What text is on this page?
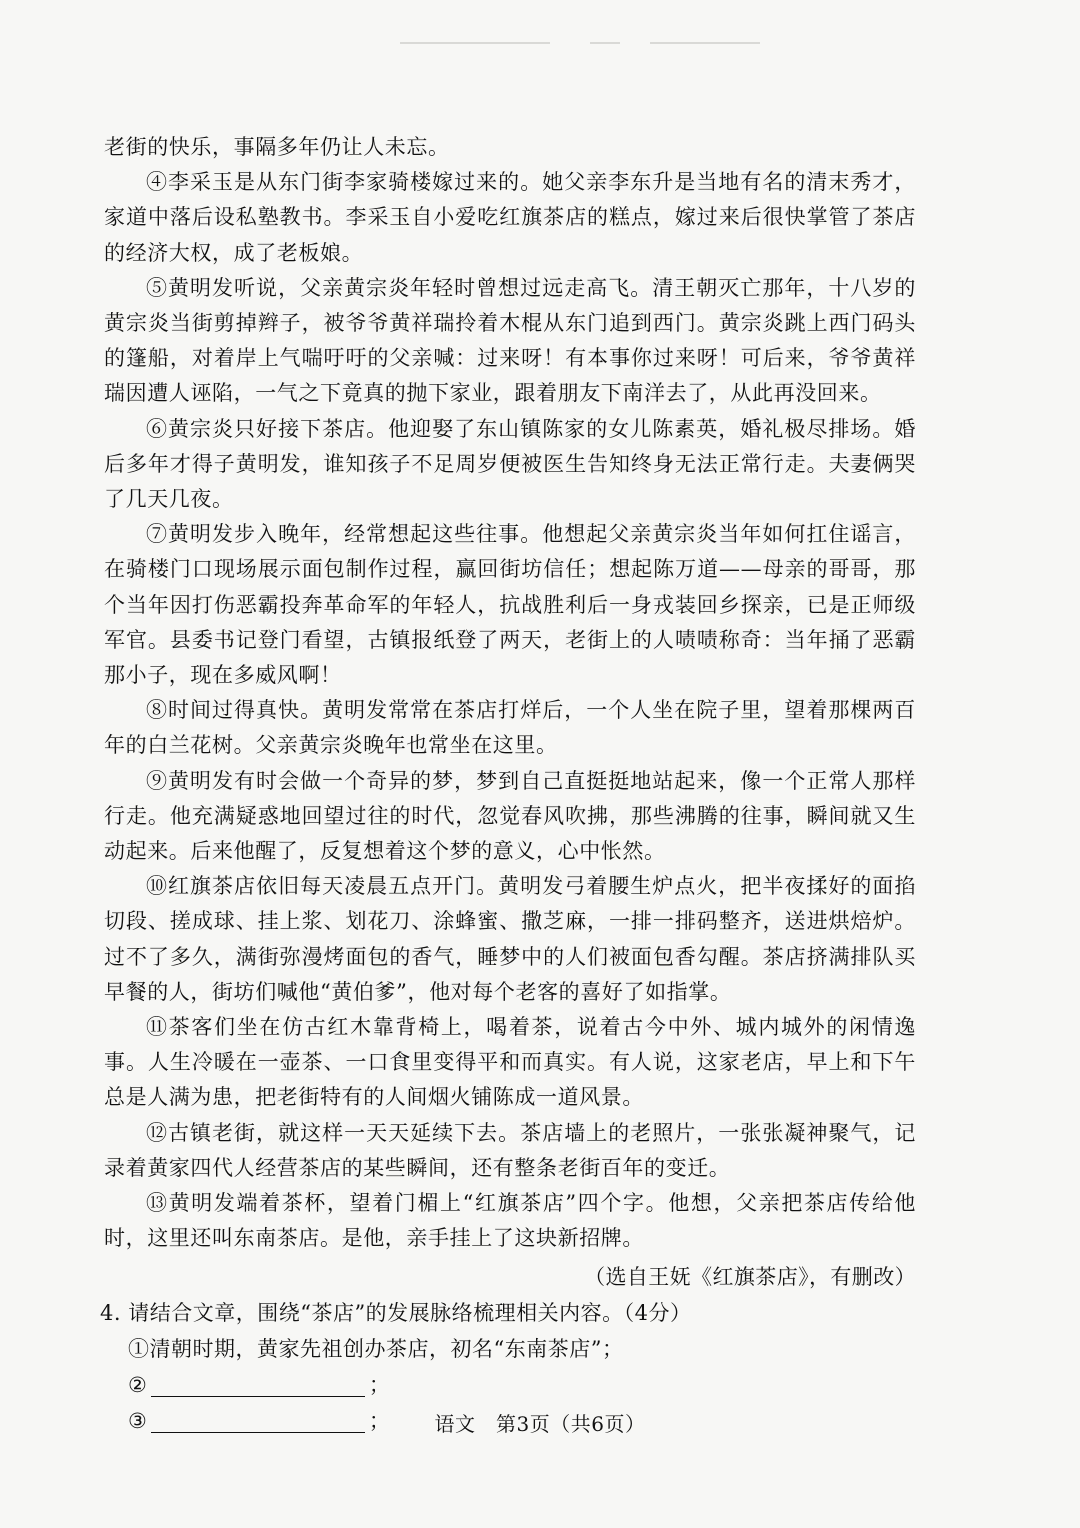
老街的快乐，事隔多年仍让人未忘。

④李采玉是从东门街李家骑楼嫁过来的。她父亲李东升是当地有名的清末秀才，家道中落后设私塾教书。李采玉自小爱吃红旗茶店的糕点，嫁过来后很快掌管了茶店的经济大权，成了老板娘。

⑤黄明发听说，父亲黄宗炎年轻时曾想过远走高飞。清王朝灭亡那年，十八岁的黄宗炎当街剪掉辫子，被爷爷黄祥瑞拎着木棍从东门追到西门。黄宗炎跳上西门码头的篷船，对着岸上气喘吁吁的父亲喊：过来呀！有本事你过来呀！可后来，爷爷黄祥瑞因遭人诬陷，一气之下竟真的抛下家业，跟着朋友下南洋去了，从此再没回来。

⑥黄宗炎只好接下茶店。他迎娶了东山镇陈家的女儿陈素英，婚礼极尽排场。婚后多年才得子黄明发，谁知孩子不足周岁便被医生告知终身无法正常行走。夫妻俩哭了几天几夜。

⑦黄明发步入晚年，经常想起这些往事。他想起父亲黄宗炎当年如何扛住谣言，在骑楼门口现场展示面包制作过程，赢回街坊信任；想起陈万道——母亲的哥哥，那个当年因打伤恶霸投奔革命军的年轻人，抗战胜利后一身戎装回乡探亲，已是正师级军官。县委书记登门看望，古镇报纸登了两天，老街上的人啧啧称奇：当年捅了恶霸那小子，现在多威风啊！

⑧时间过得真快。黄明发常常在茶店打烊后，一个人坐在院子里，望着那棵两百年的白兰花树。父亲黄宗炎晚年也常坐在这里。

⑨黄明发有时会做一个奇异的梦，梦到自己直挺挺地站起来，像一个正常人那样行走。他充满疑惑地回望过往的时代，忽觉春风吹拂，那些沸腾的往事，瞬间就又生动起来。后来他醒了，反复想着这个梦的意义，心中怅然。

⑩红旗茶店依旧每天凌晨五点开门。黄明发弓着腰生炉点火，把半夜揉好的面掐切段、搓成球、挂上浆、划花刀、涂蜂蜜、撒芝麻，一排一排码整齐，送进烘焙炉。过不了多久，满街弥漫烤面包的香气，睡梦中的人们被面包香勾醒。茶店挤满排队买早餐的人，街坊们喊他“黄伯爹”，他对每个老客的喜好了如指掌。

⑪茶客们坐在仿古红木靠背椅上，喝着茶，说着古今中外、城内城外的闲情逸事。人生冷暖在一壶茶、一口食里变得平和而真实。有人说，这家老店，早上和下午总是人满为患，把老街特有的人间烟火铺陈成一道风景。

⑫古镇老街，就这样一天天延续下去。茶店墙上的老照片，一张张凝神聚气，记录着黄家四代人经营茶店的某些瞬间，还有整条老街百年的变迁。

⑬黄明发端着茶杯，望着门楣上“红旗茶店”四个字。他想，父亲把茶店传给他时，这里还叫东南茶店。是他，亲手挂上了这块新招牌。

（选自王妩《红旗茶店》，有删改）

4. 请结合文章，围绕“茶店”的发展脉络梳理相关内容。（4分）

①清朝时期，黄家先祖创办茶店，初名“东南茶店”；

②	；
③	；	语文　第3页（共6页）
